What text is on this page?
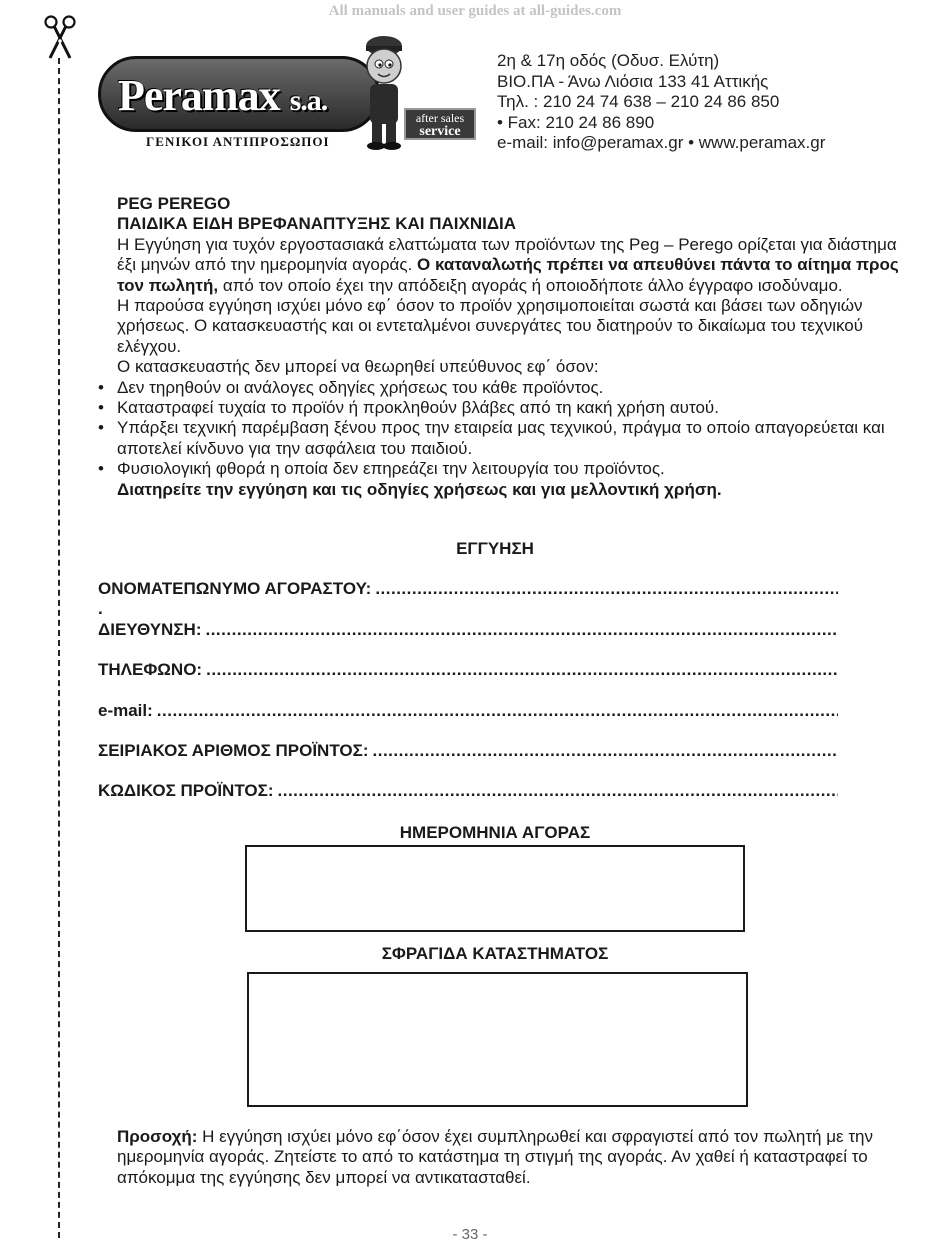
All manuals and user guides at all-guides.com
Peramax s.a.
after sales
service
ΓΕΝΙΚΟΙ ΑΝΤΙΠΡΟΣΩΠΟΙ
2η & 17η οδός (Οδυσ. Ελύτη)
ΒΙΟ.ΠΑ - Άνω Λιόσια 133 41 Αττικής
Τηλ. : 210 24 74 638 – 210 24 86 850
• Fax: 210 24 86 890
e-mail: info@peramax.gr • www.peramax.gr

PEG PEREGO

ΠΑΙΔΙΚΑ ΕΙΔΗ ΒΡΕΦΑΝΑΠΤΥΞΗΣ ΚΑΙ ΠΑΙΧΝΙΔΙΑ

Η Εγγύηση για τυχόν εργοστασιακά ελαττώματα των προϊόντων της Peg – Perego ορίζεται για διάστημα έξι μηνών από την ημερομηνία αγοράς. Ο καταναλωτής πρέπει να απευθύνει πάντα το αίτημα προς τον πωλητή, από τον οποίο έχει την απόδειξη αγοράς ή οποιοδήποτε άλλο έγγραφο ισοδύναμο.

Η παρούσα εγγύηση ισχύει μόνο εφ΄ όσον το προϊόν χρησιμοποιείται σωστά και βάσει των οδηγιών χρήσεως. Ο κατασκευαστής και οι εντεταλμένοι συνεργάτες του διατηρούν το δικαίωμα του τεχνικού ελέγχου.

Ο κατασκευαστής δεν μπορεί να θεωρηθεί υπεύθυνος εφ΄ όσον:

• Δεν τηρηθούν οι ανάλογες οδηγίες χρήσεως του κάθε προϊόντος.
• Καταστραφεί τυχαία το προϊόν ή προκληθούν βλάβες από τη κακή χρήση αυτού.
• Υπάρξει τεχνική παρέμβαση ξένου προς την εταιρεία μας τεχνικού, πράγμα το οποίο απαγορεύεται και αποτελεί κίνδυνο για την ασφάλεια του παιδιού.
• Φυσιολογική φθορά η οποία δεν επηρεάζει την λειτουργία του προϊόντος.

Διατηρείτε την εγγύηση και τις οδηγίες χρήσεως και για μελλοντική χρήση.

ΕΓΓΥΗΣΗ
ΟΝΟΜΑΤΕΠΩΝΥΜΟ ΑΓΟΡΑΣΤΟΥ:
.....
.
ΔΙΕΥΘΥΝΣΗ:
.....
ΤΗΛΕΦΩΝΟ:
.....
e-mail:
.....
ΣΕΙΡΙΑΚΟΣ ΑΡΙΘΜΟΣ ΠΡΟΪΝΤΟΣ:
.....
ΚΩΔΙΚΟΣ ΠΡΟΪΝΤΟΣ:
.....
ΗΜΕΡΟΜΗΝΙΑ ΑΓΟΡΑΣ
ΣΦΡΑΓΙΔΑ ΚΑΤΑΣΤΗΜΑΤΟΣ
Προσοχή: Η εγγύηση ισχύει μόνο εφ΄όσον έχει συμπληρωθεί και σφραγιστεί από τον πωλητή με την ημερομηνία αγοράς. Ζητείστε το από το κατάστημα τη στιγμή της αγοράς. Αν χαθεί ή καταστραφεί το απόκομμα της εγγύησης δεν μπορεί να αντικατασταθεί.
- 33 -
